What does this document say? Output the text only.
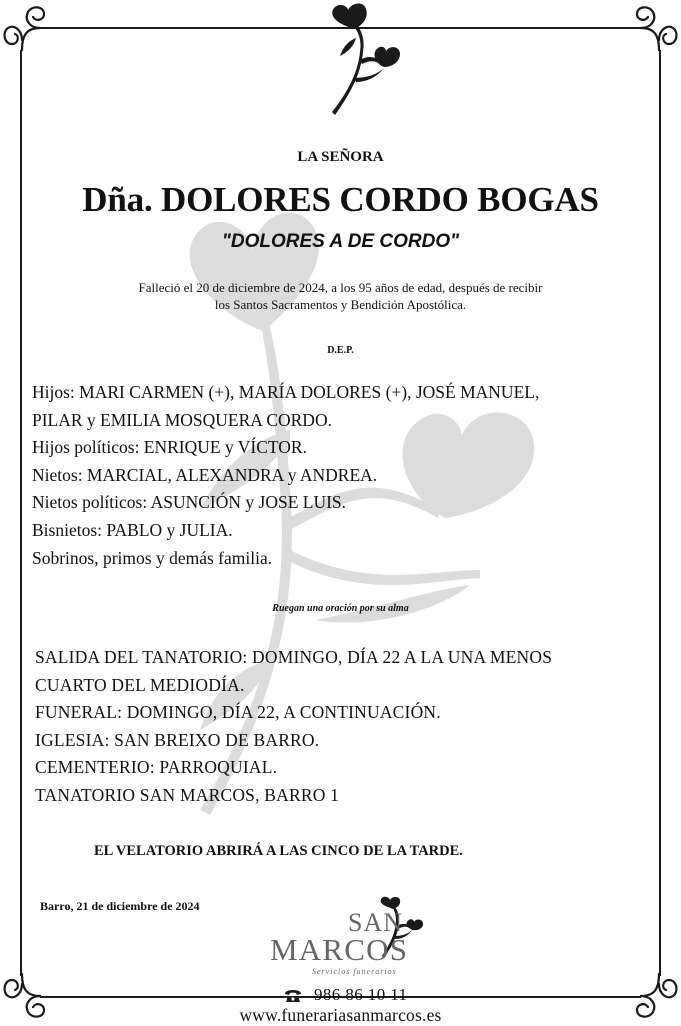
LA SEÑORA
Dña. DOLORES CORDO BOGAS
"DOLORES A DE CORDO"
Falleció el 20 de diciembre de 2024, a los 95 años de edad, después de recibir
los Santos Sacramentos y Bendición Apostólica.
D.E.P.
Hijos: MARI CARMEN (+), MARÍA DOLORES (+), JOSÉ MANUEL,
PILAR y EMILIA MOSQUERA CORDO.
Hijos políticos: ENRIQUE y VÍCTOR.
Nietos: MARCIAL, ALEXANDRA y ANDREA.
Nietos políticos: ASUNCIÓN y JOSE LUIS.
Bisnietos: PABLO y JULIA.
Sobrinos, primos y demás familia.
Ruegan una oración por su alma
SALIDA DEL TANATORIO: DOMINGO, DÍA 22 A LA UNA MENOS
CUARTO DEL MEDIODÍA.
FUNERAL: DOMINGO, DÍA 22, A CONTINUACIÓN.
IGLESIA: SAN BREIXO DE BARRO.
CEMENTERIO: PARROQUIAL.
TANATORIO SAN MARCOS, BARRO 1
EL VELATORIO ABRIRÁ A LAS CINCO DE LA TARDE.
Barro, 21 de diciembre de 2024
SAN
MARCOS
Servicios funerarios
986 86 10 11
www.funerariasanmarcos.es
